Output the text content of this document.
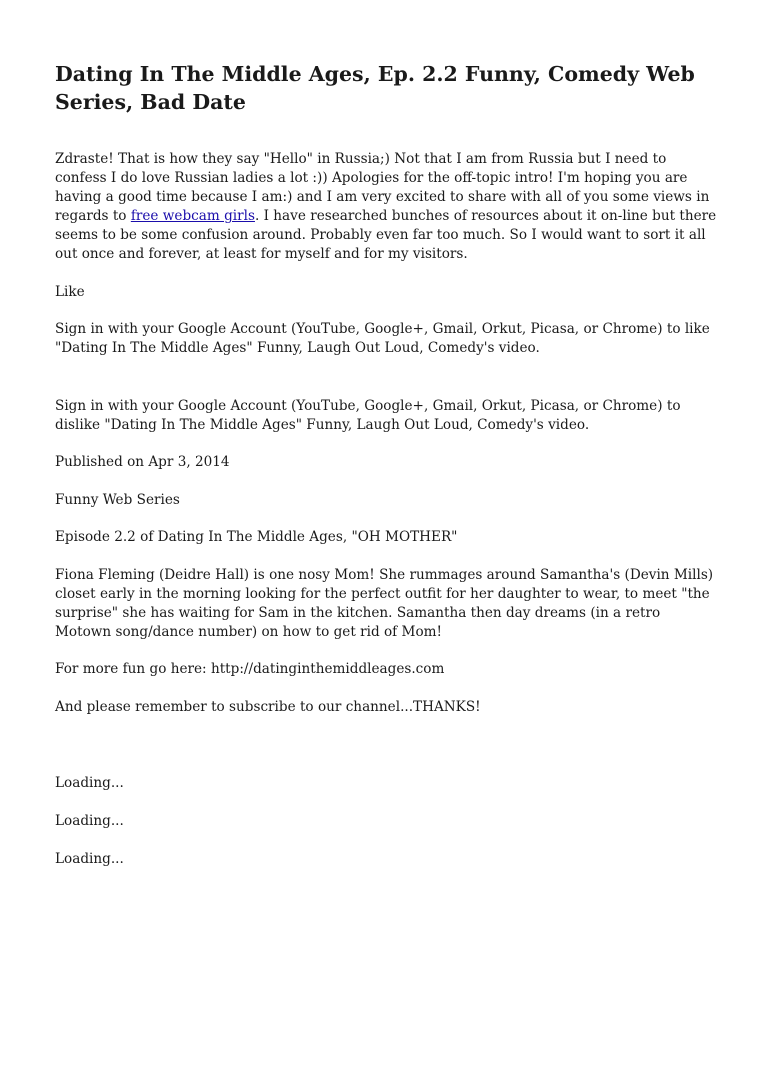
Dating In The Middle Ages, Ep. 2.2 Funny, Comedy Web Series, Bad Date

Zdraste! That is how they say "Hello" in Russia;) Not that I am from Russia but I need to confess I do love Russian ladies a lot :)) Apologies for the off-topic intro! I'm hoping you are having a good time because I am:) and I am very excited to share with all of you some views in regards to free webcam girls. I have researched bunches of resources about it on-line but there seems to be some confusion around. Probably even far too much. So I would want to sort it all out once and forever, at least for myself and for my visitors.

Like

Sign in with your Google Account (YouTube, Google+, Gmail, Orkut, Picasa, or Chrome) to like "Dating In The Middle Ages" Funny, Laugh Out Loud, Comedy's video.

Sign in with your Google Account (YouTube, Google+, Gmail, Orkut, Picasa, or Chrome) to dislike "Dating In The Middle Ages" Funny, Laugh Out Loud, Comedy's video.

Published on Apr 3, 2014

Funny Web Series

Episode 2.2 of Dating In The Middle Ages, "OH MOTHER"

Fiona Fleming (Deidre Hall) is one nosy Mom! She rummages around Samantha's (Devin Mills) closet early in the morning looking for the perfect outfit for her daughter to wear, to meet "the surprise" she has waiting for Sam in the kitchen. Samantha then day dreams (in a retro Motown song/dance number) on how to get rid of Mom!

For more fun go here: http://datinginthemiddleages.com

And please remember to subscribe to our channel...THANKS!

Loading...

Loading...

Loading...
